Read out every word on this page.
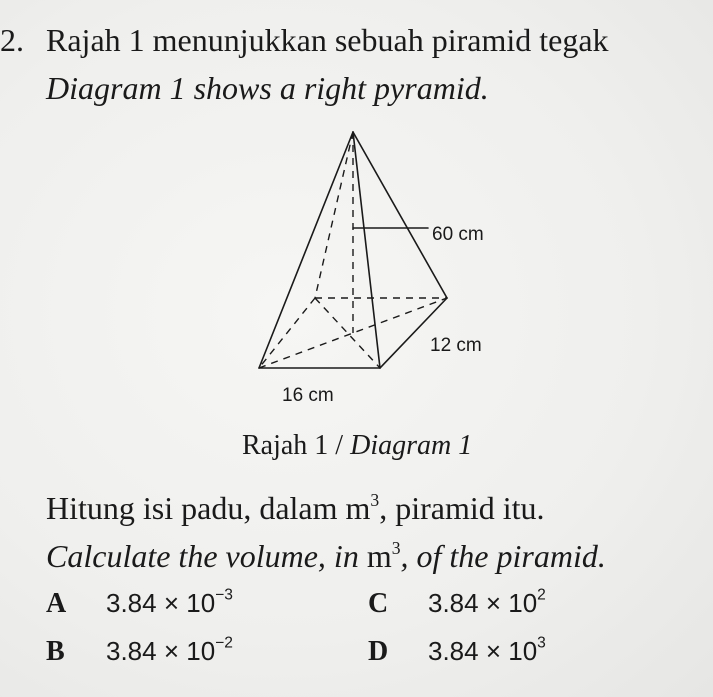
2. Rajah 1 menunjukkan sebuah piramid tegak
Diagram 1 shows a right pyramid.
60 cm
12 cm
16 cm
Rajah 1 / Diagram 1
Hitung isi padu, dalam $m^3$, piramid itu.
Calculate the volume, in $m^3$, of the piramid.
A $3.84 \times 10^{-3}$
B $3.84 \times 10^{-2}$
C $3.84 \times 10^2$
D $3.84 \times 10^3$
